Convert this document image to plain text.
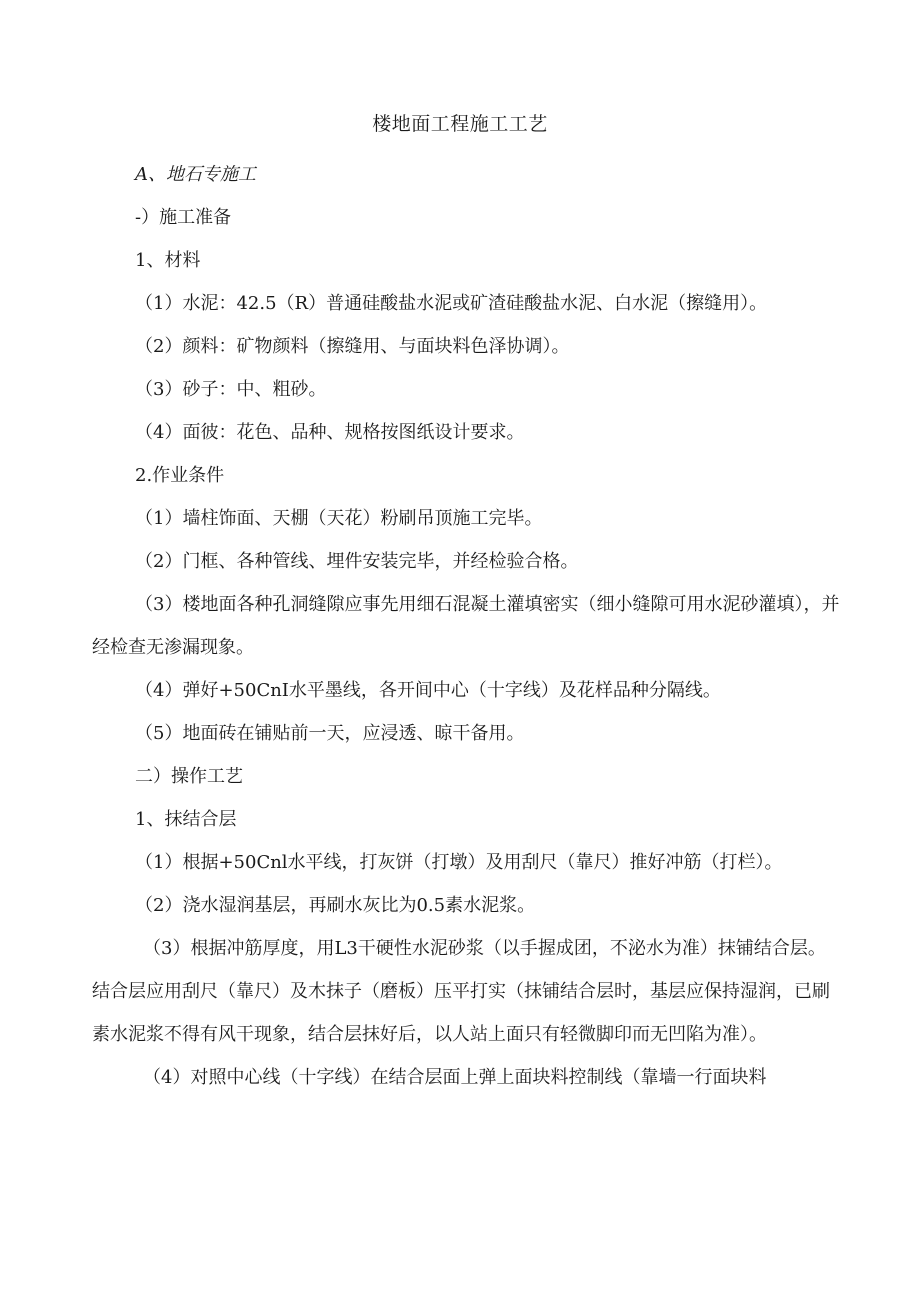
楼地面工程施工工艺

A、地石专施工

-）施工准备

1、材料

（1）水泥：42.5（R）普通硅酸盐水泥或矿渣硅酸盐水泥、白水泥（擦缝用）。

（2）颜料：矿物颜料（擦缝用、与面块料色泽协调）。

（3）砂子：中、粗砂。

（4）面彼：花色、品种、规格按图纸设计要求。

2.作业条件

（1）墙柱饰面、天棚（天花）粉刷吊顶施工完毕。

（2）门框、各种管线、埋件安装完毕，并经检验合格。

（3）楼地面各种孔洞缝隙应事先用细石混凝土灌填密实（细小缝隙可用水泥砂灌填），并经检查无渗漏现象。

（4）弹好+50CnI水平墨线，各开间中心（十字线）及花样品种分隔线。

（5）地面砖在铺贴前一天，应浸透、晾干备用。

二）操作工艺

1、抹结合层

（1）根据+50Cnl水平线，打灰饼（打墩）及用刮尺（靠尺）推好冲筋（打栏）。

（2）浇水湿润基层，再刷水灰比为0.5素水泥浆。

（3）根据冲筋厚度，用L3干硬性水泥砂浆（以手握成团，不泌水为准）抹铺结合层。结合层应用刮尺（靠尺）及木抹子（磨板）压平打实（抹铺结合层时，基层应保持湿润，已刷素水泥浆不得有风干现象，结合层抹好后，以人站上面只有轻微脚印而无凹陷为准）。

（4）对照中心线（十字线）在结合层面上弹上面块料控制线（靠墙一行面块料
